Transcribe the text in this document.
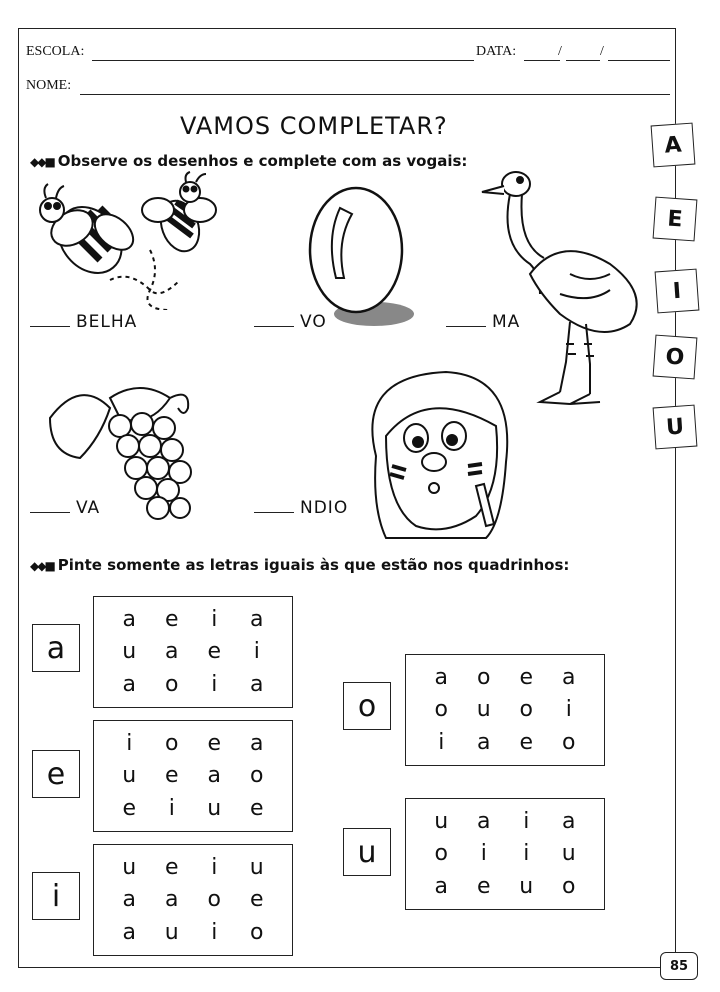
ESCOLA:	DATA:	/	/
NOME:
VAMOS COMPLETAR?
◆◆■ Observe os desenhos e complete com as vogais:
BELHA	VO	MA
VA	NDIO
A
E
I
O
U
◆◆■ Pinte somente as letras iguais às que estão nos quadrinhos:
a
a	e	i	a
u	a	e	i
a	o	i	a
e
i	o	e	a
u	e	a	o
e	i	u	e
i
u	e	i	u
a	a	o	e
a	u	i	o
o
a	o	e	a
o	u	o	i
i	a	e	o
u
u	a	i	a
o	i	i	u
a	e	u	o
85
